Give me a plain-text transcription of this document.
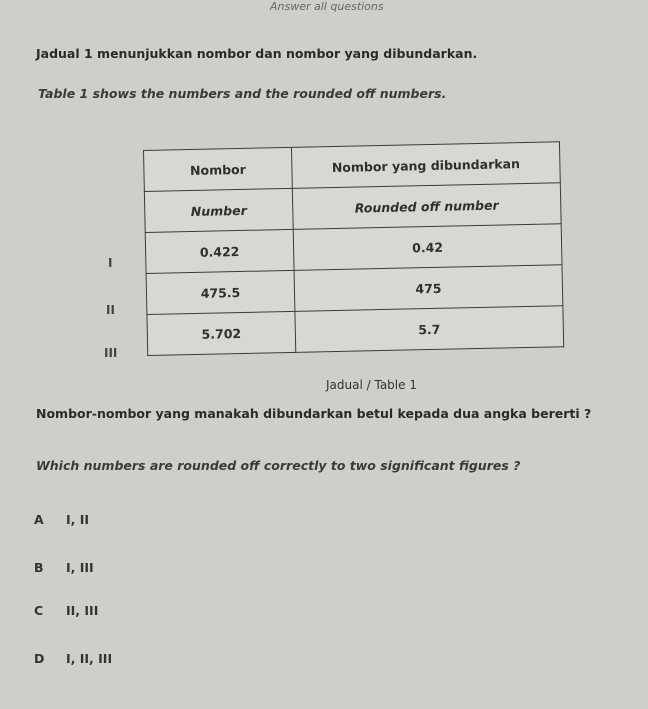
Answer all questions
Jadual 1 menunjukkan nombor dan nombor yang dibundarkan.
Table 1 shows the numbers and the rounded off numbers.
I
II
III
Nombor	Nombor yang dibundarkan
Number	Rounded off number
0.422	0.42
475.5	475
5.702	5.7
Jadual / Table 1
Nombor-nombor yang manakah dibundarkan betul kepada dua angka bererti ?
Which numbers are rounded off correctly to two significant figures ?
A I, II
B I, III
C II, III
D I, II, III
